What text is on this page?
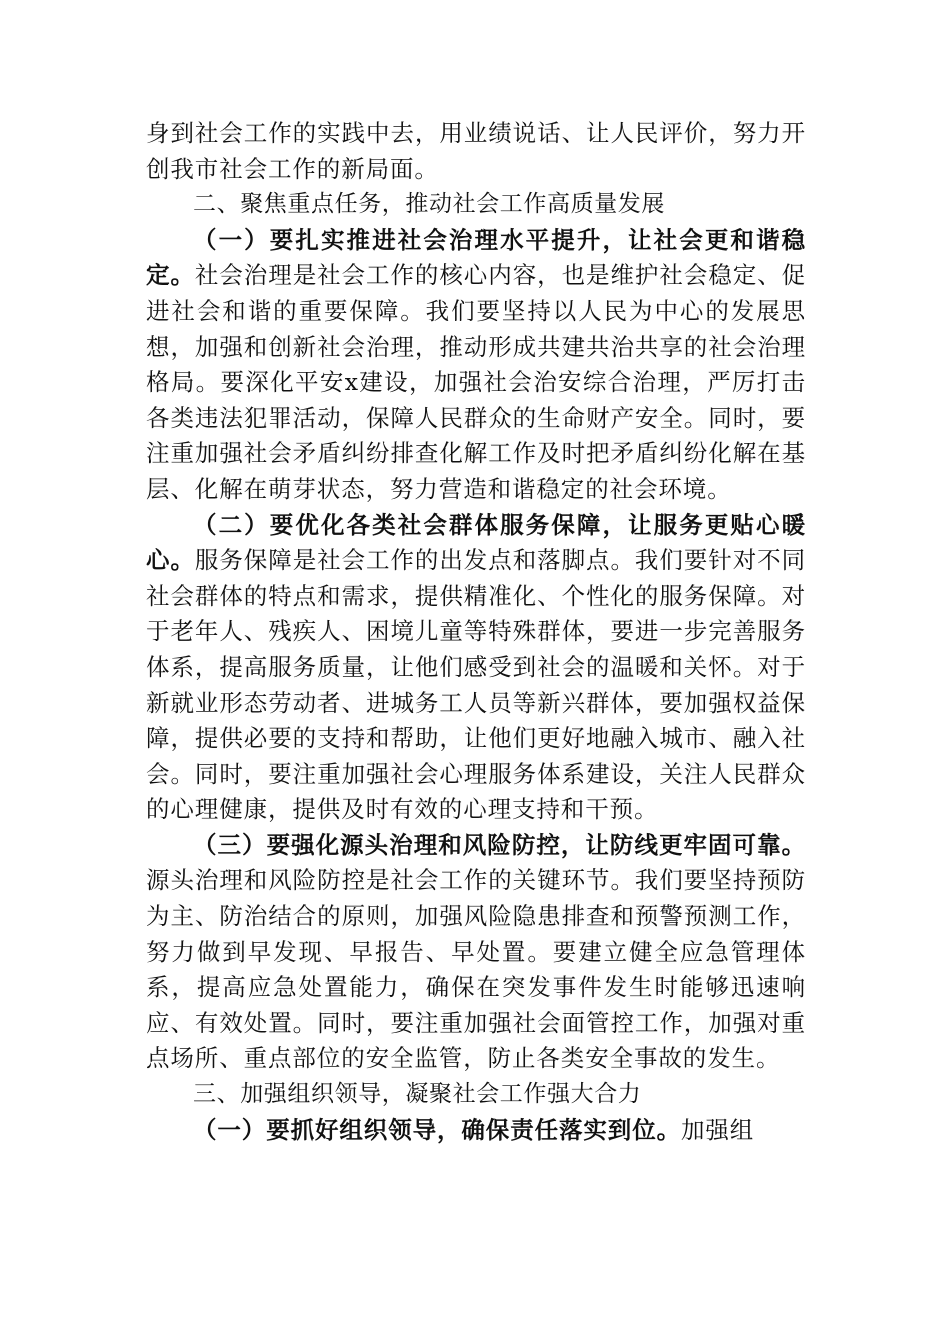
身到社会工作的实践中去，用业绩说话、让人民评价，努力开创我市社会工作的新局面。

二、聚焦重点任务，推动社会工作高质量发展

（一）要扎实推进社会治理水平提升，让社会更和谐稳定。社会治理是社会工作的核心内容，也是维护社会稳定、促进社会和谐的重要保障。我们要坚持以人民为中心的发展思想，加强和创新社会治理，推动形成共建共治共享的社会治理格局。要深化平安x建设，加强社会治安综合治理，严厉打击各类违法犯罪活动，保障人民群众的生命财产安全。同时，要注重加强社会矛盾纠纷排查化解工作及时把矛盾纠纷化解在基层、化解在萌芽状态，努力营造和谐稳定的社会环境。

（二）要优化各类社会群体服务保障，让服务更贴心暖心。服务保障是社会工作的出发点和落脚点。我们要针对不同社会群体的特点和需求，提供精准化、个性化的服务保障。对于老年人、残疾人、困境儿童等特殊群体，要进一步完善服务体系，提高服务质量，让他们感受到社会的温暖和关怀。对于新就业形态劳动者、进城务工人员等新兴群体，要加强权益保障，提供必要的支持和帮助，让他们更好地融入城市、融入社会。同时，要注重加强社会心理服务体系建设，关注人民群众的心理健康，提供及时有效的心理支持和干预。

（三）要强化源头治理和风险防控，让防线更牢固可靠。源头治理和风险防控是社会工作的关键环节。我们要坚持预防为主、防治结合的原则，加强风险隐患排查和预警预测工作，努力做到早发现、早报告、早处置。要建立健全应急管理体系，提高应急处置能力，确保在突发事件发生时能够迅速响应、有效处置。同时，要注重加强社会面管控工作，加强对重点场所、重点部位的安全监管，防止各类安全事故的发生。

三、加强组织领导，凝聚社会工作强大合力

（一）要抓好组织领导，确保责任落实到位。加强组
